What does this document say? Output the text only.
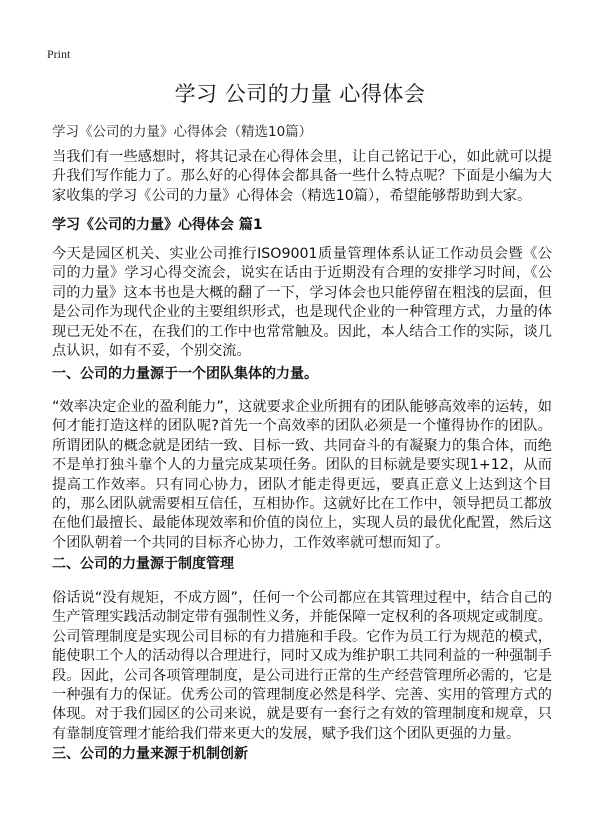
Print
学习 公司的力量 心得体会
学习《公司的力量》心得体会（精选10篇）
当我们有一些感想时，将其记录在心得体会里，让自己铭记于心，如此就可以提升我们写作能力了。那么好的心得体会都具备一些什么特点呢？下面是小编为大家收集的学习《公司的力量》心得体会（精选10篇），希望能够帮助到大家。
学习《公司的力量》心得体会 篇1
今天是园区机关、实业公司推行ISO9001质量管理体系认证工作动员会暨《公司的力量》学习心得交流会，说实在话由于近期没有合理的安排学习时间，《公司的力量》这本书也是大概的翻了一下，学习体会也只能停留在粗浅的层面，但是公司作为现代企业的主要组织形式，也是现代企业的一种管理方式，力量的体现已无处不在，在我们的工作中也常常触及。因此，本人结合工作的实际，谈几点认识，如有不妥，个别交流。
一、公司的力量源于一个团队集体的力量。
“效率决定企业的盈利能力”，这就要求企业所拥有的团队能够高效率的运转，如何才能打造这样的团队呢?首先一个高效率的团队必须是一个懂得协作的团队。所谓团队的概念就是团结一致、目标一致、共同奋斗的有凝聚力的集合体，而绝不是单打独斗靠个人的力量完成某项任务。团队的目标就是要实现1+12，从而提高工作效率。只有同心协力，团队才能走得更远，要真正意义上达到这个目的，那么团队就需要相互信任，互相协作。这就好比在工作中，领导把员工都放在他们最擅长、最能体现效率和价值的岗位上，实现人员的最优化配置，然后这个团队朝着一个共同的目标齐心协力，工作效率就可想而知了。
二、公司的力量源于制度管理
俗话说“没有规矩，不成方圆”，任何一个公司都应在其管理过程中，结合自己的生产管理实践活动制定带有强制性义务，并能保障一定权利的各项规定或制度。公司管理制度是实现公司目标的有力措施和手段。它作为员工行为规范的模式，能使职工个人的活动得以合理进行，同时又成为维护职工共同利益的一种强制手段。因此，公司各项管理制度，是公司进行正常的生产经营管理所必需的，它是一种强有力的保证。优秀公司的管理制度必然是科学、完善、实用的管理方式的体现。对于我们园区的公司来说，就是要有一套行之有效的管理制度和规章，只有靠制度管理才能给我们带来更大的发展，赋予我们这个团队更强的力量。
三、公司的力量来源于机制创新
